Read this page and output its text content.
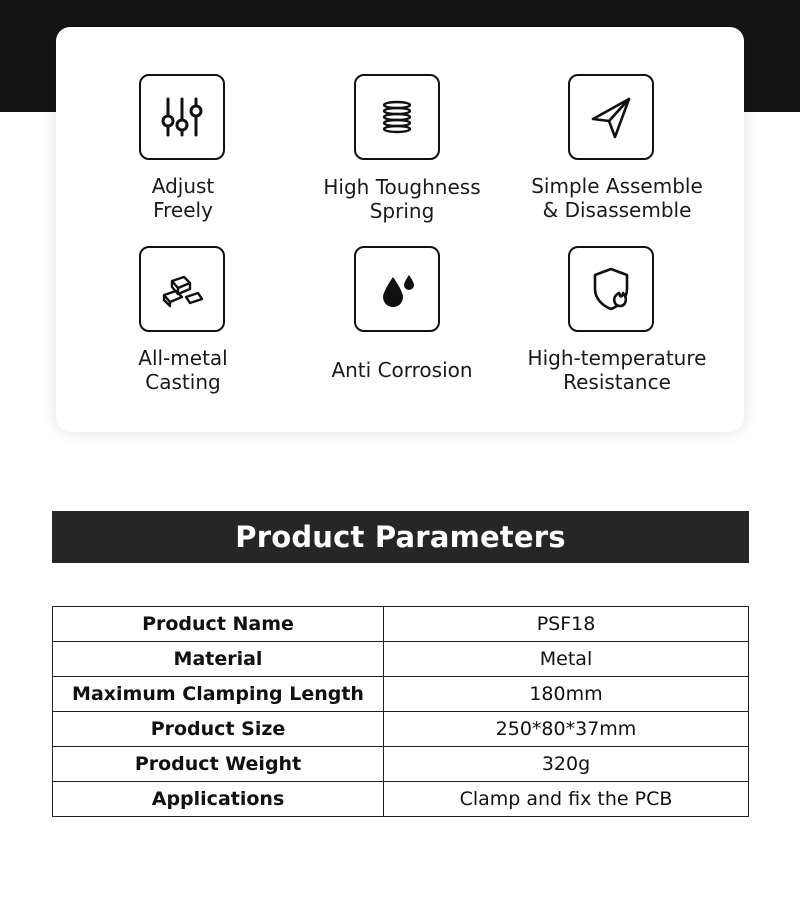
Adjust
Freely
High Toughness
Spring
Simple Assemble
& Disassemble
All-metal
Casting	Anti Corrosion	High-temperature
Resistance
Product Parameters
Product Name	PSF18
Material	Metal
Maximum Clamping Length	180mm
Product Size	250*80*37mm
Product Weight	320g
Applications	Clamp and fix the PCB
